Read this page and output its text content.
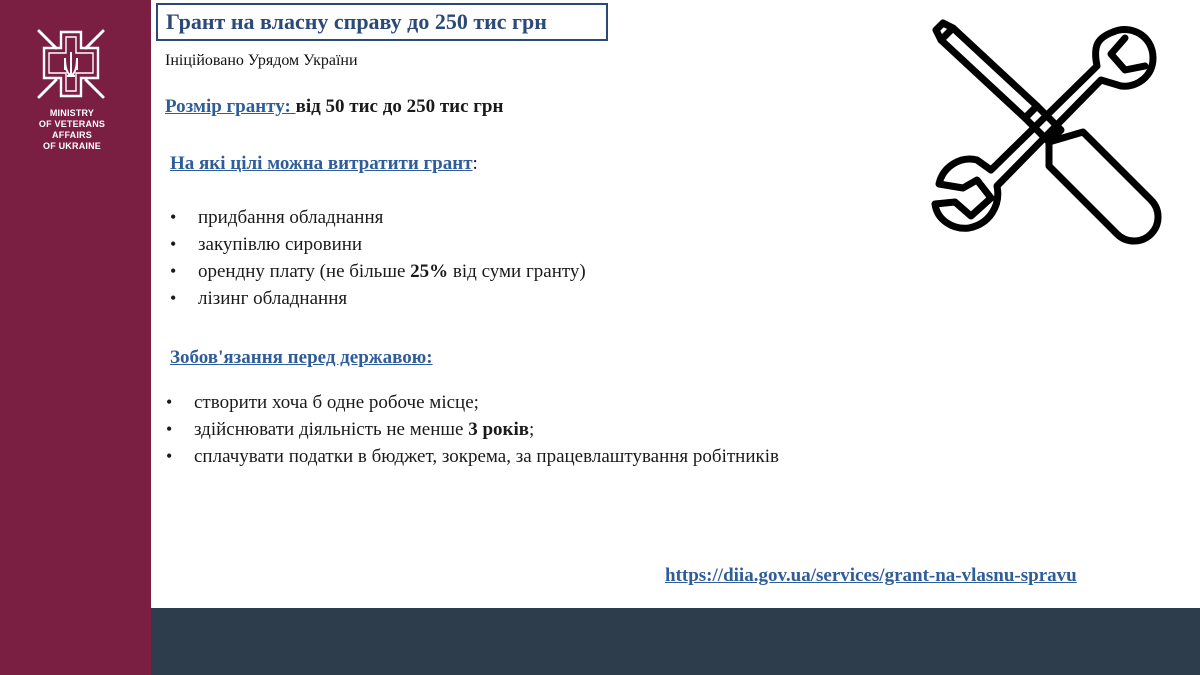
MINISTRY
OF VETERANS
AFFAIRS
OF UKRAINE
Грант на власну справу до 250 тис грн
Ініційовано Урядом України
Розмір гранту: від 50 тис до 250 тис грн
На які цілі можна витратити грант:
• придбання обладнання
• закупівлю сировини
• орендну плату (не більше 25% від суми гранту)
• лізинг обладнання
Зобов'язання перед державою:
• створити хоча б одне робоче місце;
• здійснювати діяльність не менше 3 років;
• сплачувати податки в бюджет, зокрема, за працевлаштування робітників
https://diia.gov.ua/services/grant-na-vlasnu-spravu
